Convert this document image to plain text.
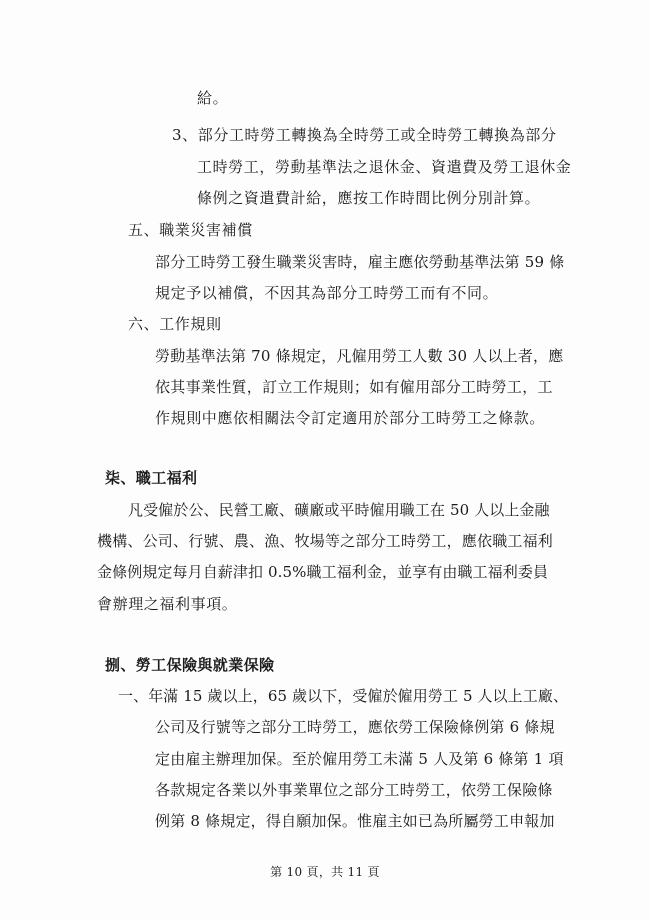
給。
3、部分工時勞工轉換為全時勞工或全時勞工轉換為部分
工時勞工，勞動基準法之退休金、資遣費及勞工退休金
條例之資遣費計給，應按工作時間比例分別計算。
五、職業災害補償
部分工時勞工發生職業災害時，雇主應依勞動基準法第 59 條
規定予以補償，不因其為部分工時勞工而有不同。
六、工作規則
勞動基準法第 70 條規定，凡僱用勞工人數 30 人以上者，應
依其事業性質，訂立工作規則；如有僱用部分工時勞工，工
作規則中應依相關法令訂定適用於部分工時勞工之條款。
柒、職工福利
凡受僱於公、民營工廠、礦廠或平時僱用職工在 50 人以上金融
機構、公司、行號、農、漁、牧場等之部分工時勞工，應依職工福利
金條例規定每月自薪津扣 0.5%職工福利金，並享有由職工福利委員
會辦理之福利事項。
捌、勞工保險與就業保險
一、年滿 15 歲以上，65 歲以下，受僱於僱用勞工 5 人以上工廠、
公司及行號等之部分工時勞工，應依勞工保險條例第 6 條規
定由雇主辦理加保。至於僱用勞工未滿 5 人及第 6 條第 1 項
各款規定各業以外事業單位之部分工時勞工，依勞工保險條
例第 8 條規定，得自願加保。惟雇主如已為所屬勞工申報加
第 10 頁，共 11 頁
